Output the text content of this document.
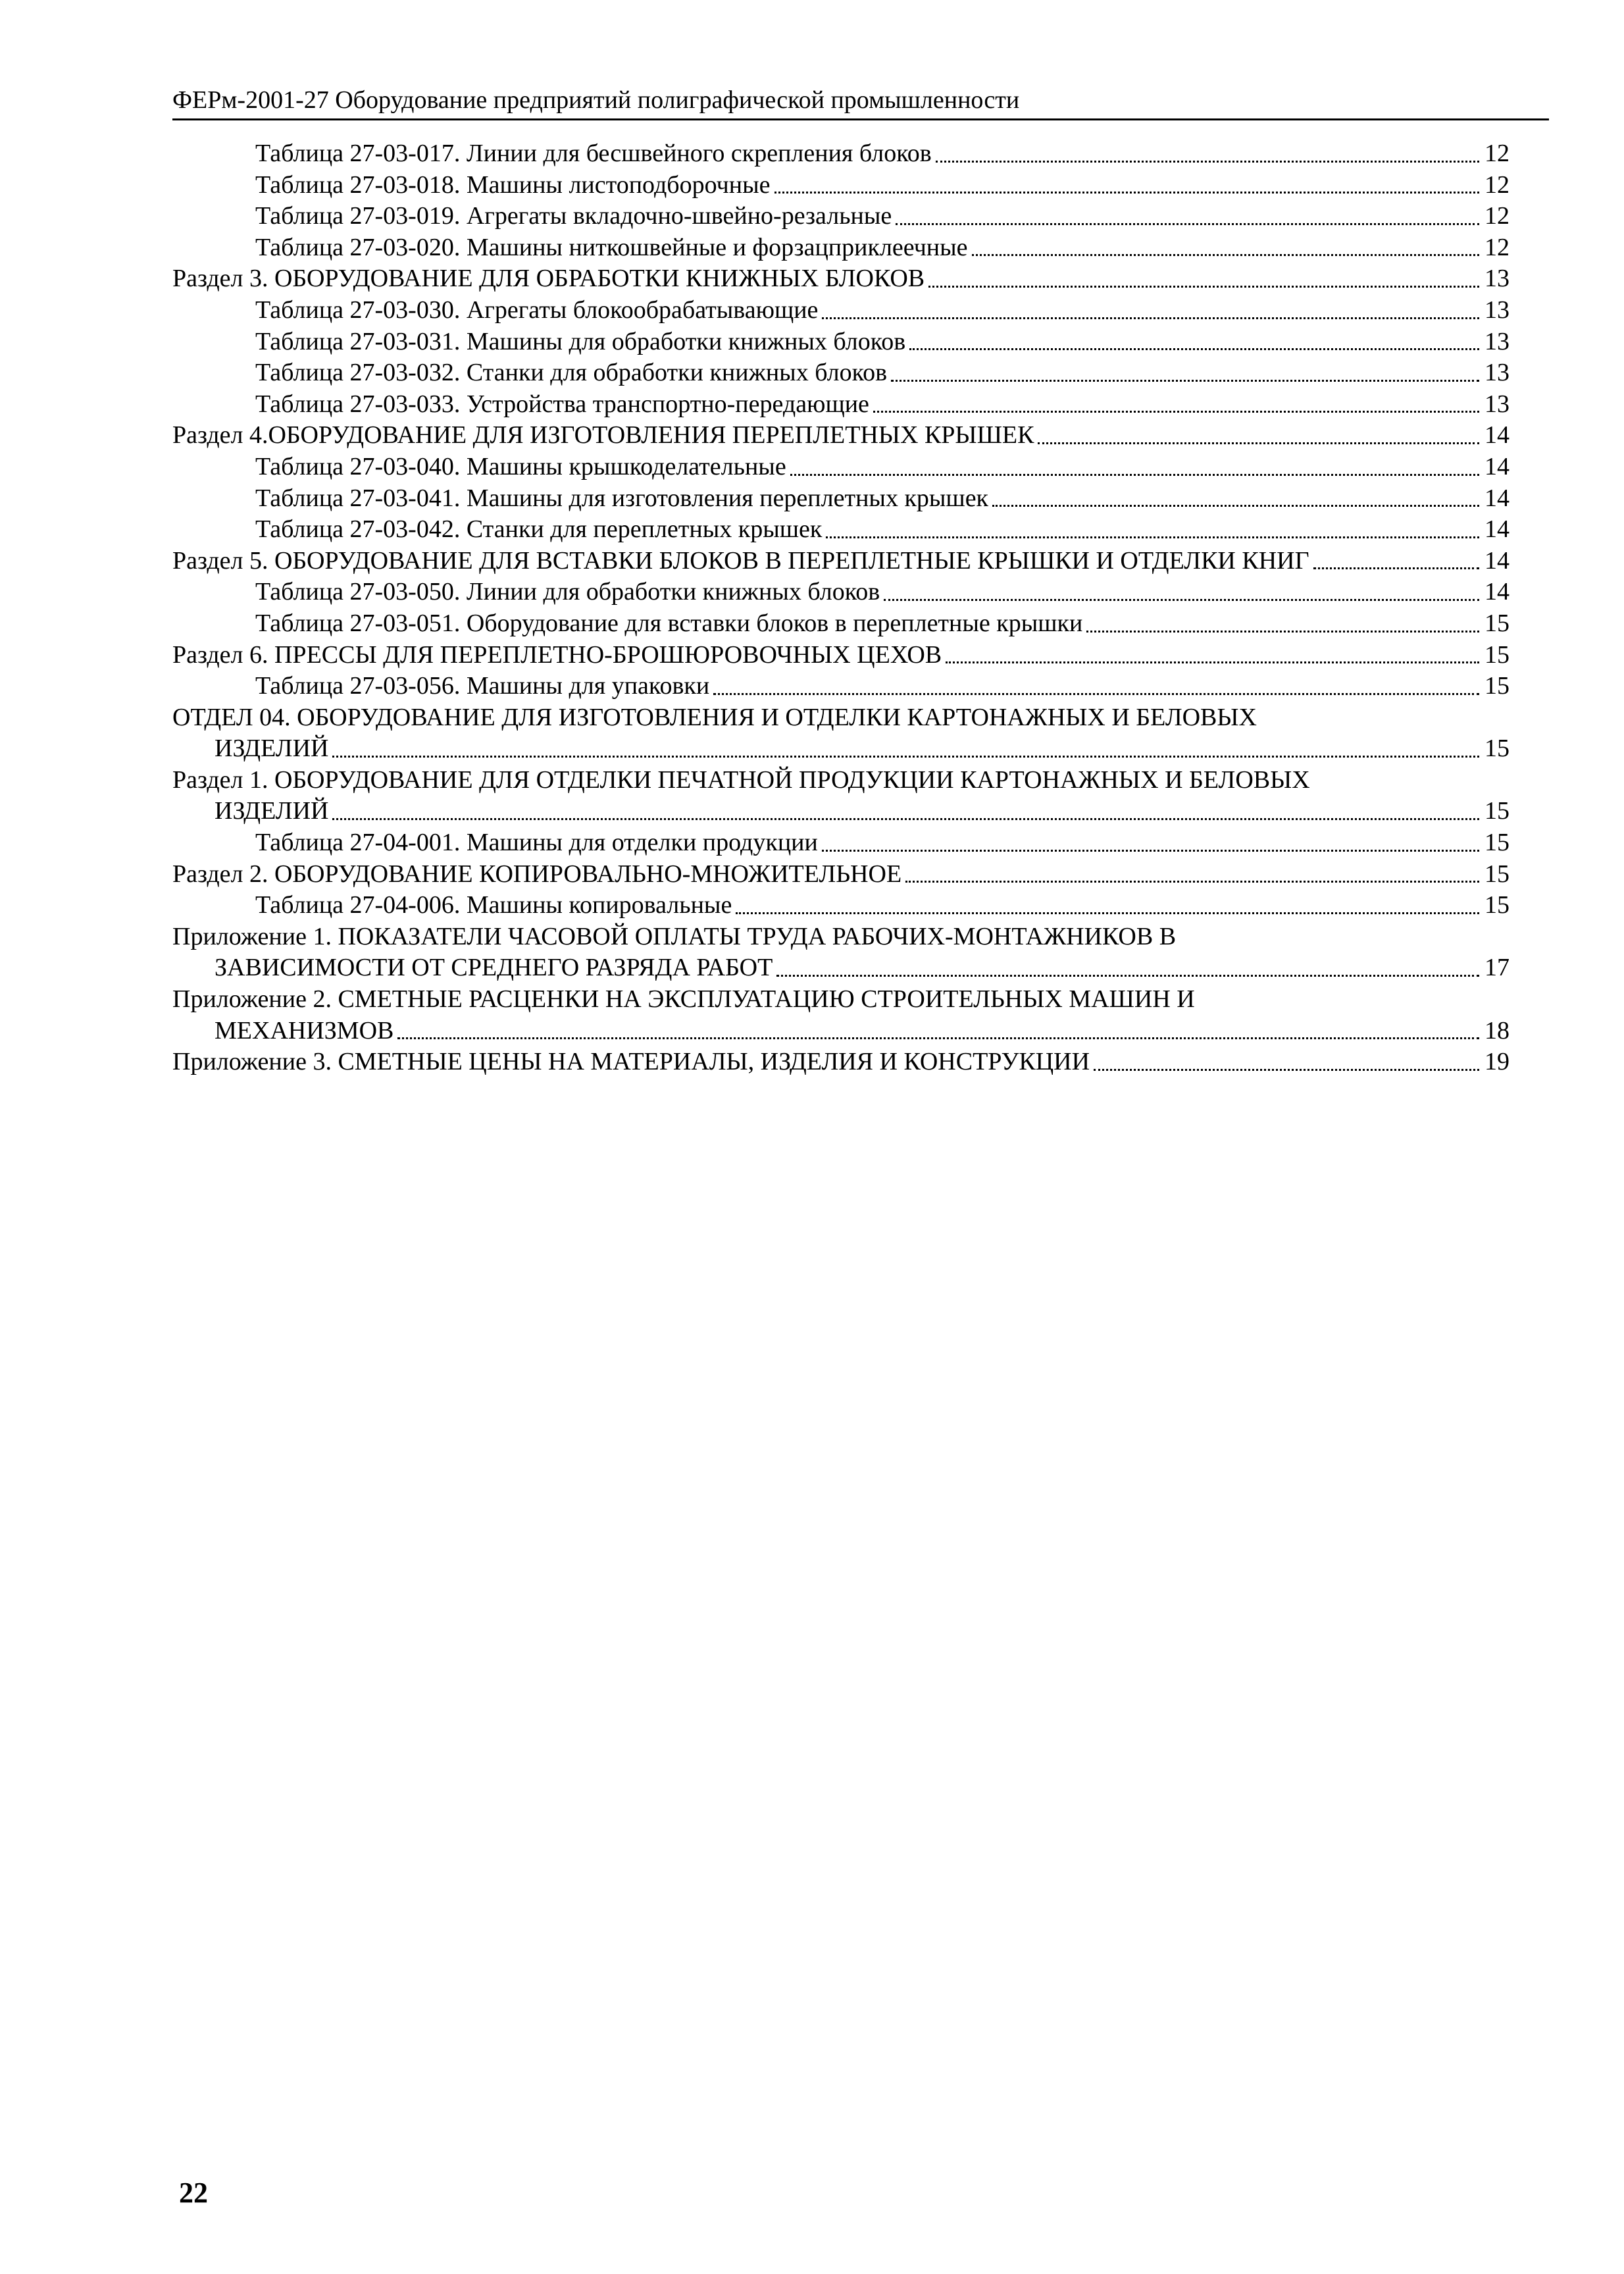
ФЕРм-2001-27 Оборудование предприятий полиграфической промышленности
Таблица 27-03-017. Линии для бесшвейного скрепления блоков	12
Таблица 27-03-018. Машины листоподборочные	12
Таблица 27-03-019. Агрегаты вкладочно-швейно-резальные	12
Таблица 27-03-020. Машины ниткошвейные и форзацприклеечные	12
Раздел 3. ОБОРУДОВАНИЕ ДЛЯ ОБРАБОТКИ КНИЖНЫХ БЛОКОВ	13
Таблица 27-03-030. Агрегаты блокообрабатывающие	13
Таблица 27-03-031. Машины для обработки книжных блоков	13
Таблица 27-03-032. Станки для обработки книжных блоков	13
Таблица 27-03-033. Устройства транспортно-передающие	13
Раздел 4.ОБОРУДОВАНИЕ ДЛЯ ИЗГОТОВЛЕНИЯ ПЕРЕПЛЕТНЫХ КРЫШЕК	14
Таблица 27-03-040. Машины крышкоделательные	14
Таблица 27-03-041. Машины для изготовления переплетных крышек	14
Таблица 27-03-042. Станки для переплетных крышек	14
Раздел 5. ОБОРУДОВАНИЕ ДЛЯ ВСТАВКИ БЛОКОВ В ПЕРЕПЛЕТНЫЕ КРЫШКИ И ОТДЕЛКИ КНИГ	14
Таблица 27-03-050. Линии для обработки книжных блоков	14
Таблица 27-03-051. Оборудование для вставки блоков в переплетные крышки	15
Раздел 6. ПРЕССЫ ДЛЯ ПЕРЕПЛЕТНО-БРОШЮРОВОЧНЫХ ЦЕХОВ	15
Таблица 27-03-056. Машины для упаковки	15
ОТДЕЛ 04. ОБОРУДОВАНИЕ ДЛЯ ИЗГОТОВЛЕНИЯ И ОТДЕЛКИ КАРТОНАЖНЫХ И БЕЛОВЫХ
ИЗДЕЛИЙ	15
Раздел 1. ОБОРУДОВАНИЕ ДЛЯ ОТДЕЛКИ ПЕЧАТНОЙ ПРОДУКЦИИ КАРТОНАЖНЫХ И БЕЛОВЫХ
ИЗДЕЛИЙ	15
Таблица 27-04-001. Машины для отделки продукции	15
Раздел 2. ОБОРУДОВАНИЕ КОПИРОВАЛЬНО-МНОЖИТЕЛЬНОЕ	15
Таблица 27-04-006. Машины копировальные	15
Приложение 1. ПОКАЗАТЕЛИ ЧАСОВОЙ ОПЛАТЫ ТРУДА РАБОЧИХ-МОНТАЖНИКОВ В
ЗАВИСИМОСТИ ОТ СРЕДНЕГО РАЗРЯДА РАБОТ	17
Приложение 2. СМЕТНЫЕ РАСЦЕНКИ НА ЭКСПЛУАТАЦИЮ СТРОИТЕЛЬНЫХ МАШИН И
МЕХАНИЗМОВ	18
Приложение 3. СМЕТНЫЕ ЦЕНЫ НА МАТЕРИАЛЫ, ИЗДЕЛИЯ И КОНСТРУКЦИИ	19
22
